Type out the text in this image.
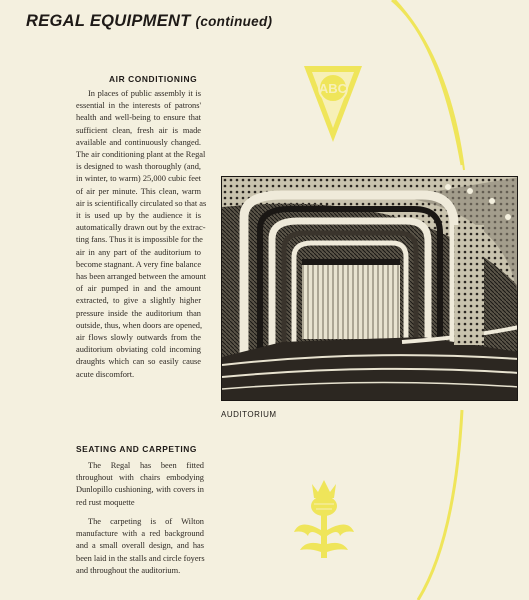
REGAL EQUIPMENT (continued)
ABC
AIR CONDITIONING
In places of public assembly it is
essential in the interests of patrons'
health and well-being to ensure that
sufficient clean, fresh air is made
available and continuously changed.
The air conditioning plant at the Regal
is designed to wash thoroughly (and,
in winter, to warm) 25,000 cubic feet
of air per minute. This clean, warm
air is scientifically circulated so that as
it is used up by the audience it is
automatically drawn out by the extrac-
ting fans. Thus it is impossible for the
air in any part of the auditorium to
become stagnant. A very fine balance
has been arranged between the amount
of air pumped in and the amount
extracted, to give a slightly higher
pressure inside the auditorium than
outside, thus, when doors are opened,
air flows slowly outwards from the
auditorium obviating cold incoming
draughts which can so easily cause
acute discomfort.

AUDITORIUM

SEATING AND CARPETING
The Regal has been fitted
throughout with chairs embodying
Dunlopillo cushioning, with covers in
red rust moquette
The carpeting is of Wilton
manufacture with a red background
and a small overall design, and has
been laid in the stalls and circle foyers
and throughout the auditorium.
